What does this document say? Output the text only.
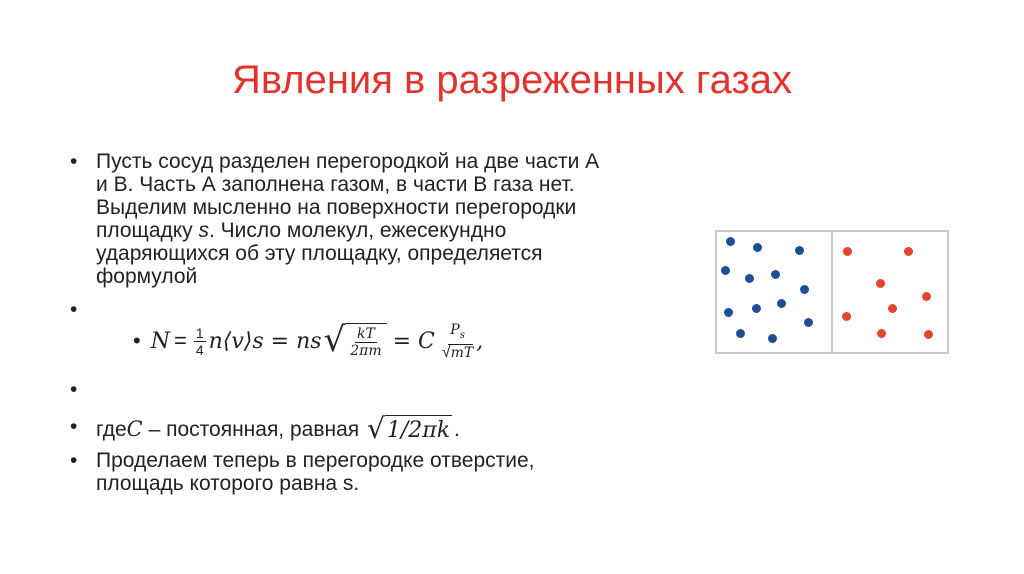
Явления в разреженных газах
• Пусть сосуд разделен перегородкой на две части А
и В. Часть А заполнена газом, в части В газа нет.
Выделим мысленно на поверхности перегородки
площадку s. Число молекул, ежесекундно
ударяющихся об эту площадку, определяется
формулой
•
• $N = \frac{1}{4}$ n⟨v⟩s = ns √ $\frac{kT}{2\pi m} = C \frac{P_s}{√mT}$ ,
•
• где C – постоянная, равная √ 1/2πk .
• Проделаем теперь в перегородке отверстие,
площадь которого равна s.
